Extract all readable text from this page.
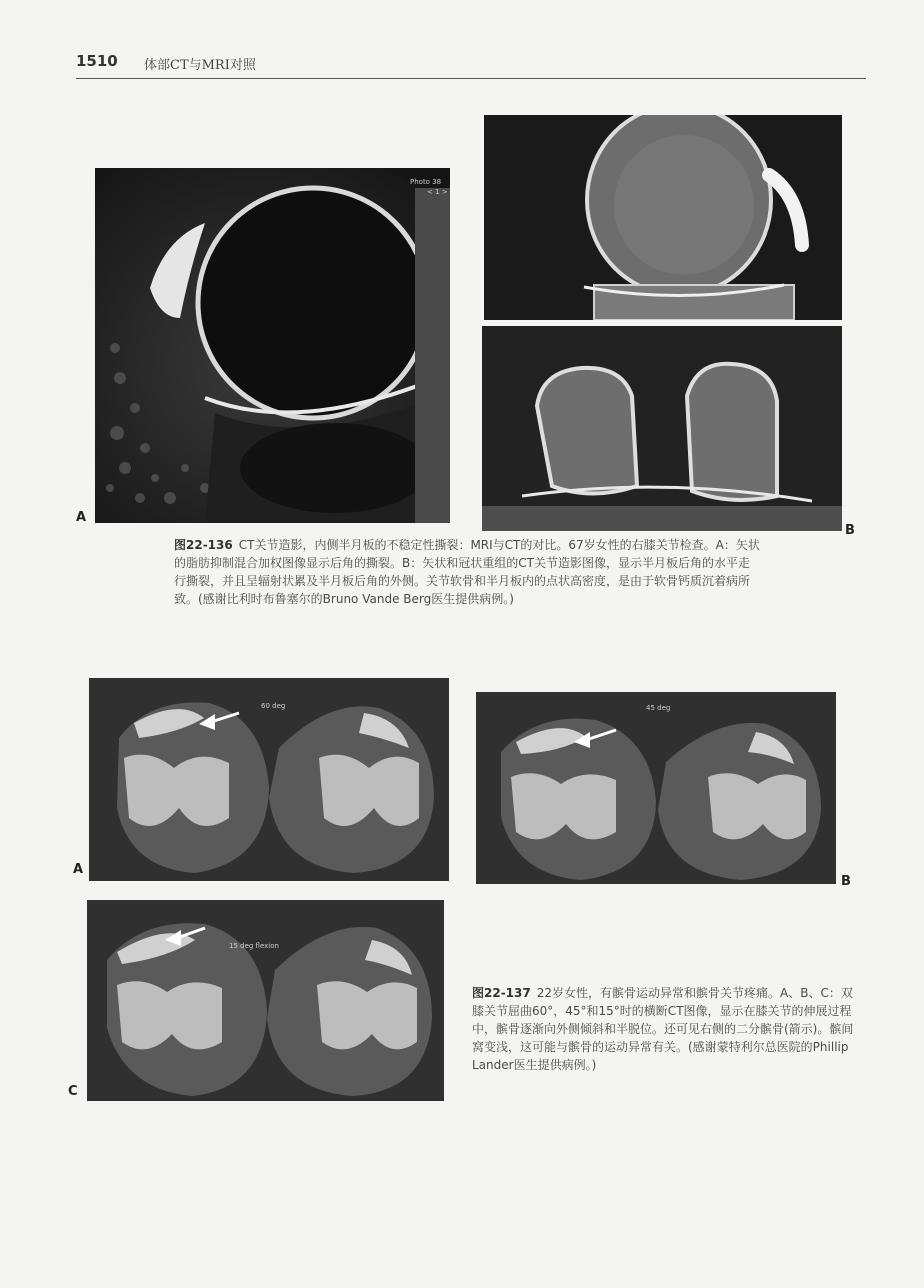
1510 体部CT与MRI对照
Photo 38
< 1 >
A
B
图22-136 CT关节造影，内侧半月板的不稳定性撕裂：MRI与CT的对比。67岁女性的右膝关节检查。A：矢状的脂肪抑制混合加权图像显示后角的撕裂。B：矢状和冠状重组的CT关节造影图像，显示半月板后角的水平走行撕裂，并且呈辐射状累及半月板后角的外侧。关节软骨和半月板内的点状高密度，是由于软骨钙质沉着病所致。(感谢比利时布鲁塞尔的Bruno Vande Berg医生提供病例。)
60 deg	45 deg
A
B
15 deg flexion
C
图22-137 22岁女性，有髌骨运动异常和髌骨关节疼痛。A、B、C：双膝关节屈曲60°，45°和15°时的横断CT图像，显示在膝关节的伸展过程中，髌骨逐渐向外侧倾斜和半脱位。还可见右侧的二分髌骨(箭示)。髌间窝变浅，这可能与髌骨的运动异常有关。(感谢蒙特利尔总医院的Phillip Lander医生提供病例。)
